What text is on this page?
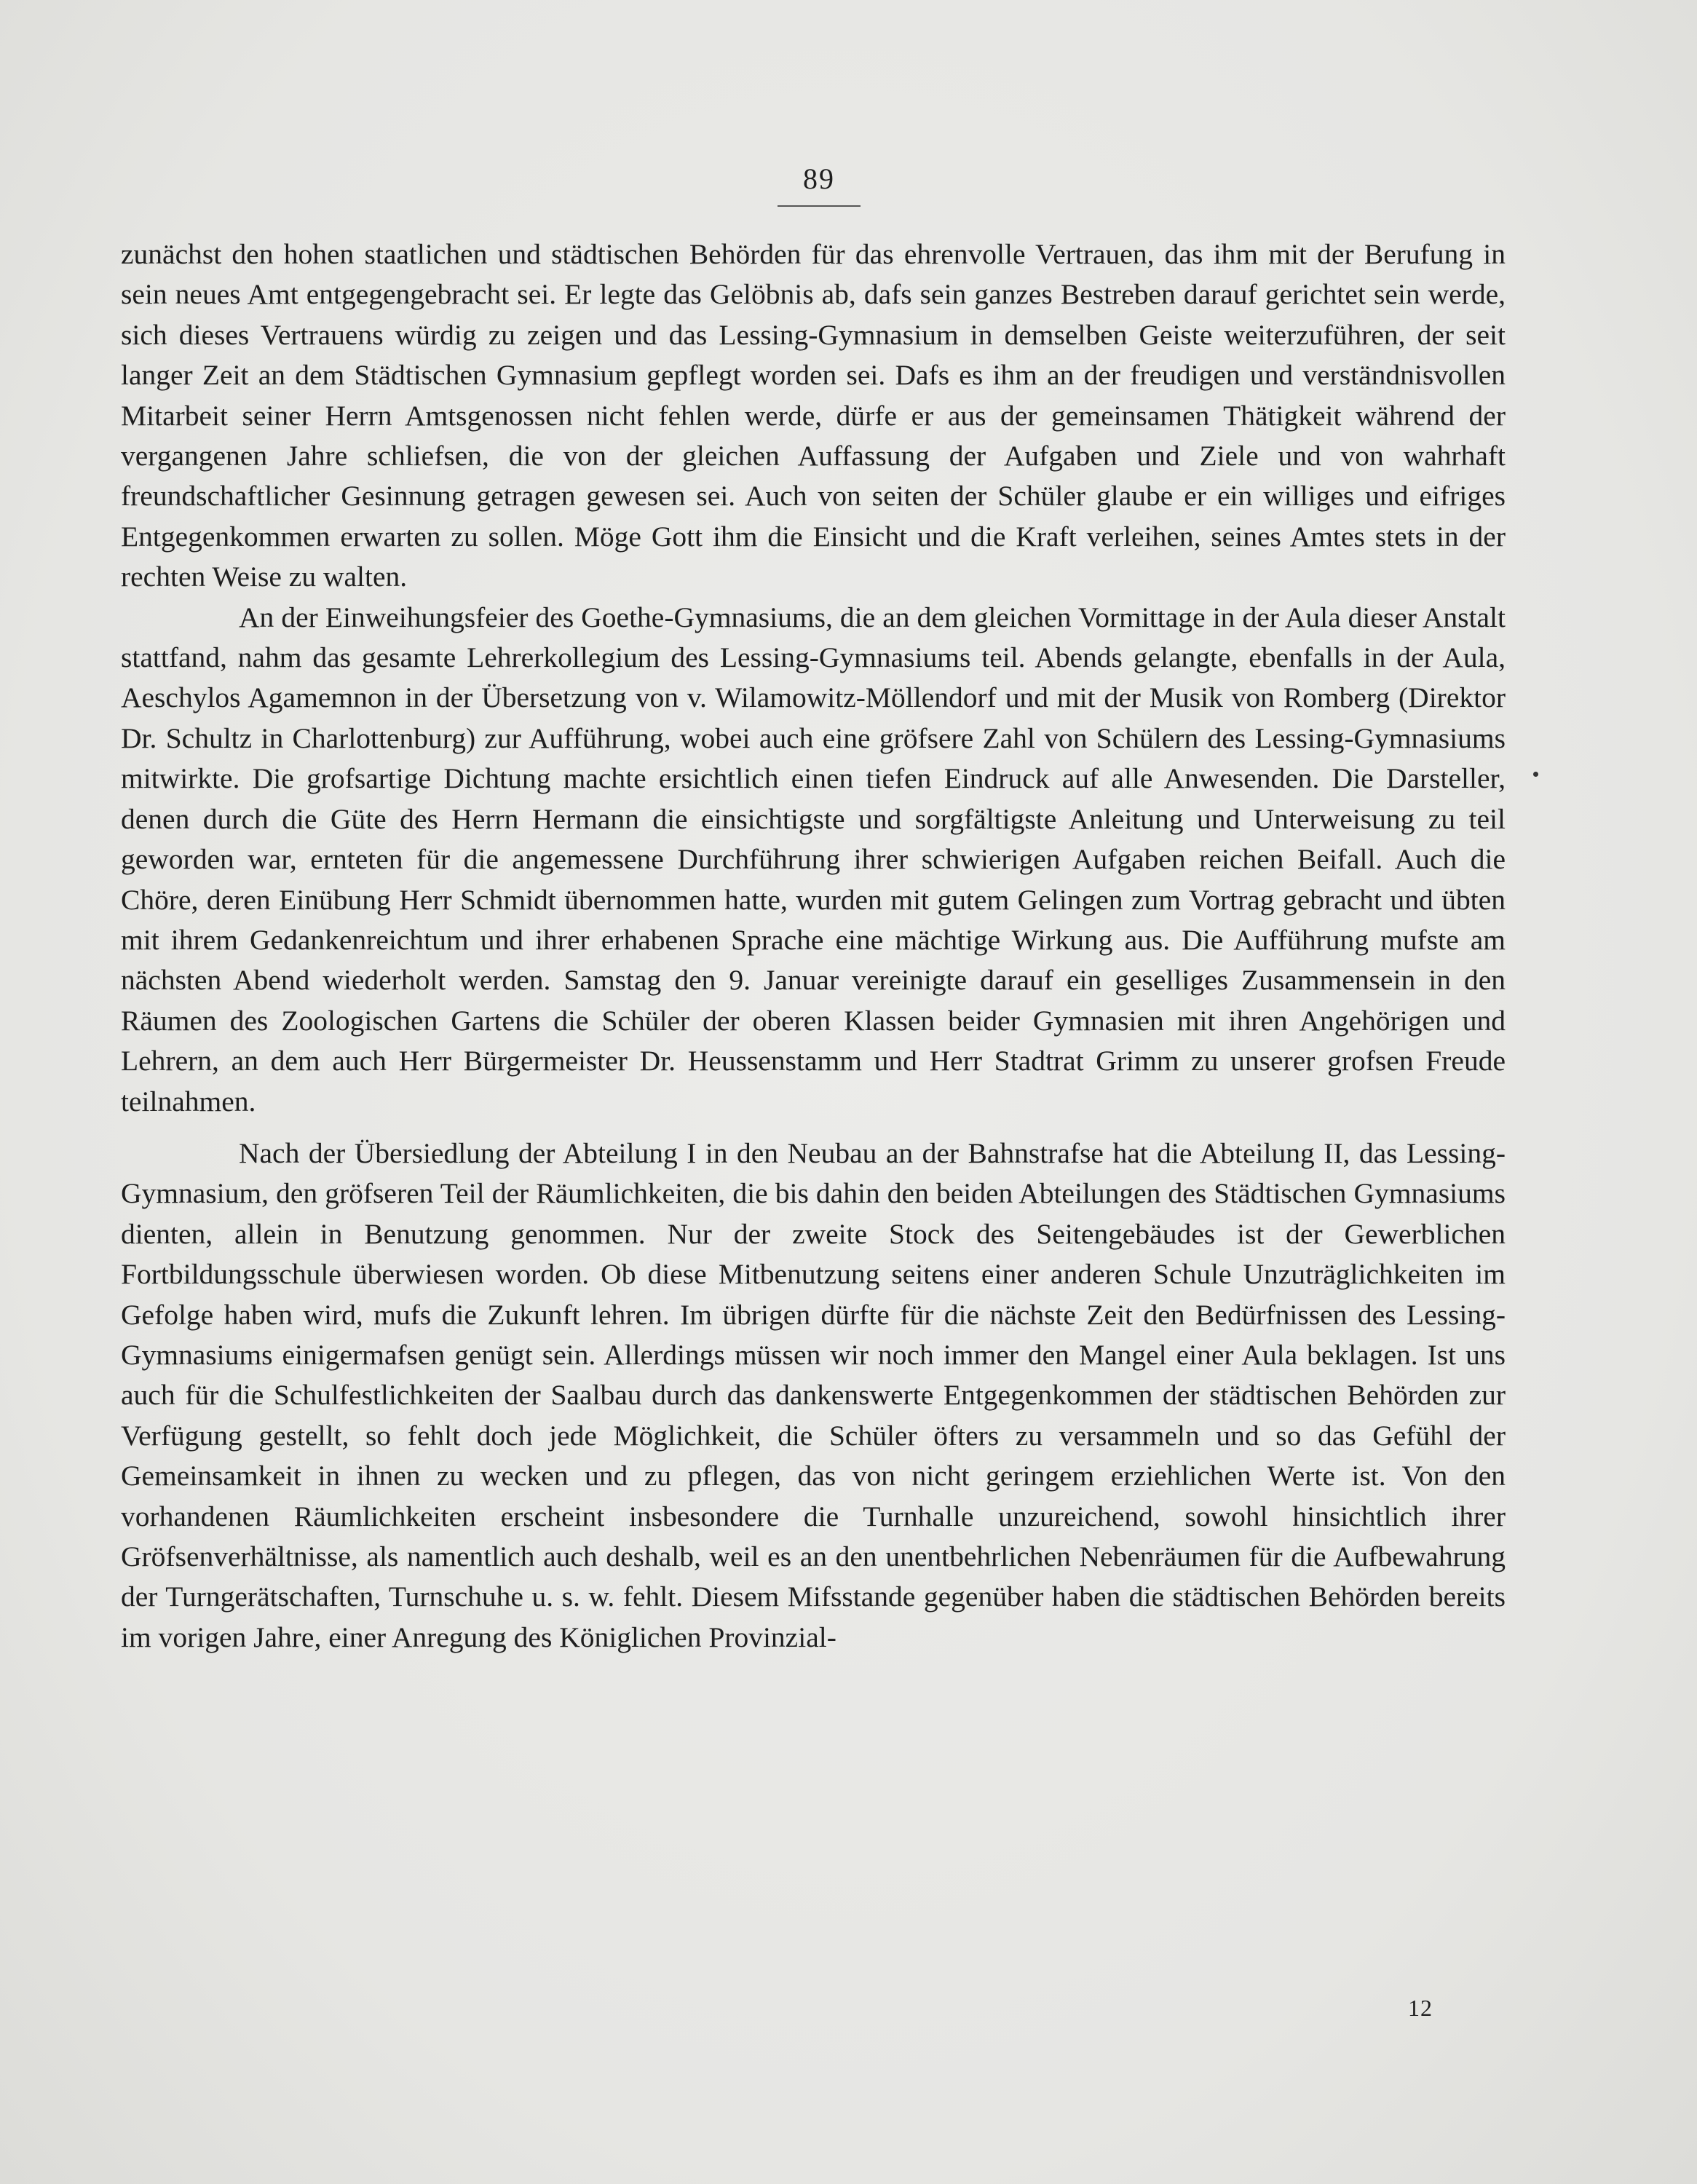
89

zunächst den hohen staatlichen und städtischen Behörden für das ehrenvolle Vertrauen, das ihm mit der Berufung in sein neues Amt entgegengebracht sei. Er legte das Gelöbnis ab, dafs sein ganzes Bestreben darauf gerichtet sein werde, sich dieses Vertrauens würdig zu zeigen und das Lessing-Gymnasium in demselben Geiste weiterzuführen, der seit langer Zeit an dem Städtischen Gymnasium gepflegt worden sei. Dafs es ihm an der freudigen und verständnisvollen Mitarbeit seiner Herrn Amtsgenossen nicht fehlen werde, dürfe er aus der gemeinsamen Thätigkeit während der vergangenen Jahre schliefsen, die von der gleichen Auffassung der Aufgaben und Ziele und von wahrhaft freundschaftlicher Gesinnung getragen gewesen sei. Auch von seiten der Schüler glaube er ein williges und eifriges Entgegenkommen erwarten zu sollen. Möge Gott ihm die Einsicht und die Kraft verleihen, seines Amtes stets in der rechten Weise zu walten.

An der Einweihungsfeier des Goethe-Gymnasiums, die an dem gleichen Vormittage in der Aula dieser Anstalt stattfand, nahm das gesamte Lehrerkollegium des Lessing-Gymnasiums teil. Abends gelangte, ebenfalls in der Aula, Aeschylos Agamemnon in der Übersetzung von v. Wilamowitz-Möllendorf und mit der Musik von Romberg (Direktor Dr. Schultz in Charlottenburg) zur Aufführung, wobei auch eine gröfsere Zahl von Schülern des Lessing-Gymnasiums mitwirkte. Die grofsartige Dichtung machte ersichtlich einen tiefen Eindruck auf alle Anwesenden. Die Darsteller, denen durch die Güte des Herrn Hermann die einsichtigste und sorgfältigste Anleitung und Unterweisung zu teil geworden war, ernteten für die angemessene Durchführung ihrer schwierigen Aufgaben reichen Beifall. Auch die Chöre, deren Einübung Herr Schmidt übernommen hatte, wurden mit gutem Gelingen zum Vortrag gebracht und übten mit ihrem Gedankenreichtum und ihrer erhabenen Sprache eine mächtige Wirkung aus. Die Aufführung mufste am nächsten Abend wiederholt werden. Samstag den 9. Januar vereinigte darauf ein geselliges Zusammensein in den Räumen des Zoologischen Gartens die Schüler der oberen Klassen beider Gymnasien mit ihren Angehörigen und Lehrern, an dem auch Herr Bürgermeister Dr. Heussenstamm und Herr Stadtrat Grimm zu unserer grofsen Freude teilnahmen.

Nach der Übersiedlung der Abteilung I in den Neubau an der Bahnstrafse hat die Abteilung II, das Lessing-Gymnasium, den gröfseren Teil der Räumlichkeiten, die bis dahin den beiden Abteilungen des Städtischen Gymnasiums dienten, allein in Benutzung genommen. Nur der zweite Stock des Seitengebäudes ist der Gewerblichen Fortbildungsschule überwiesen worden. Ob diese Mitbenutzung seitens einer anderen Schule Unzuträglichkeiten im Gefolge haben wird, mufs die Zukunft lehren. Im übrigen dürfte für die nächste Zeit den Bedürfnissen des Lessing-Gymnasiums einigermafsen genügt sein. Allerdings müssen wir noch immer den Mangel einer Aula beklagen. Ist uns auch für die Schulfestlichkeiten der Saalbau durch das dankenswerte Entgegenkommen der städtischen Behörden zur Verfügung gestellt, so fehlt doch jede Möglichkeit, die Schüler öfters zu versammeln und so das Gefühl der Gemeinsamkeit in ihnen zu wecken und zu pflegen, das von nicht geringem erziehlichen Werte ist. Von den vorhandenen Räumlichkeiten erscheint insbesondere die Turnhalle unzureichend, sowohl hinsichtlich ihrer Gröfsenverhältnisse, als namentlich auch deshalb, weil es an den unentbehrlichen Nebenräumen für die Aufbewahrung der Turngerätschaften, Turnschuhe u. s. w. fehlt. Diesem Mifsstande gegenüber haben die städtischen Behörden bereits im vorigen Jahre, einer Anregung des Königlichen Provinzial-

12
